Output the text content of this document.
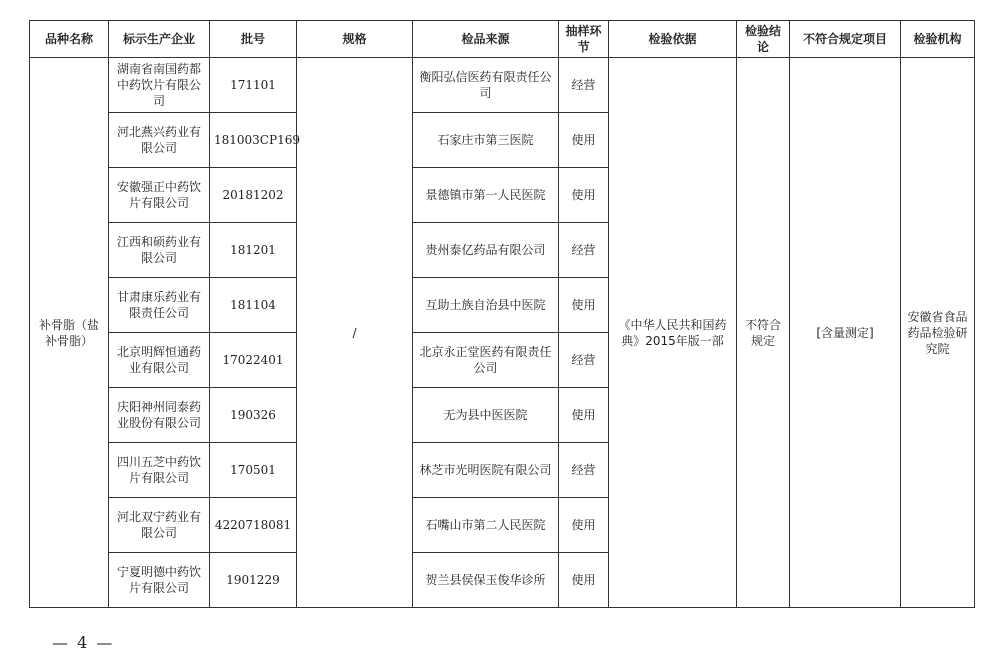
品种名称	标示生产企业	批号	规格	检品来源	抽样环节	检验依据	检验结论	不符合规定项目	检验机构
补骨脂（盐补骨脂）	湖南省南国药都中药饮片有限公司	171101	/	衡阳弘信医药有限责任公司	经营	《中华人民共和国药典》2015年版一部	不符合规定	[含量测定]	安徽省食品药品检验研究院
	河北燕兴药业有限公司	181003CP169		石家庄市第三医院	使用				
	安徽强正中药饮片有限公司	20181202		景德镇市第一人民医院	使用				
	江西和硕药业有限公司	181201		贵州泰亿药品有限公司	经营				
	甘肃康乐药业有限责任公司	181104		互助土族自治县中医院	使用				
	北京明辉恒通药业有限公司	17022401		北京永正堂医药有限责任公司	经营				
	庆阳神州同泰药业股份有限公司	190326		无为县中医医院	使用				
	四川五芝中药饮片有限公司	170501		林芝市光明医院有限公司	经营				
	河北双宁药业有限公司	4220718081		石嘴山市第二人民医院	使用				
	宁夏明德中药饮片有限公司	1901229		贺兰县侯保玉俊华诊所	使用				
— 4 —
